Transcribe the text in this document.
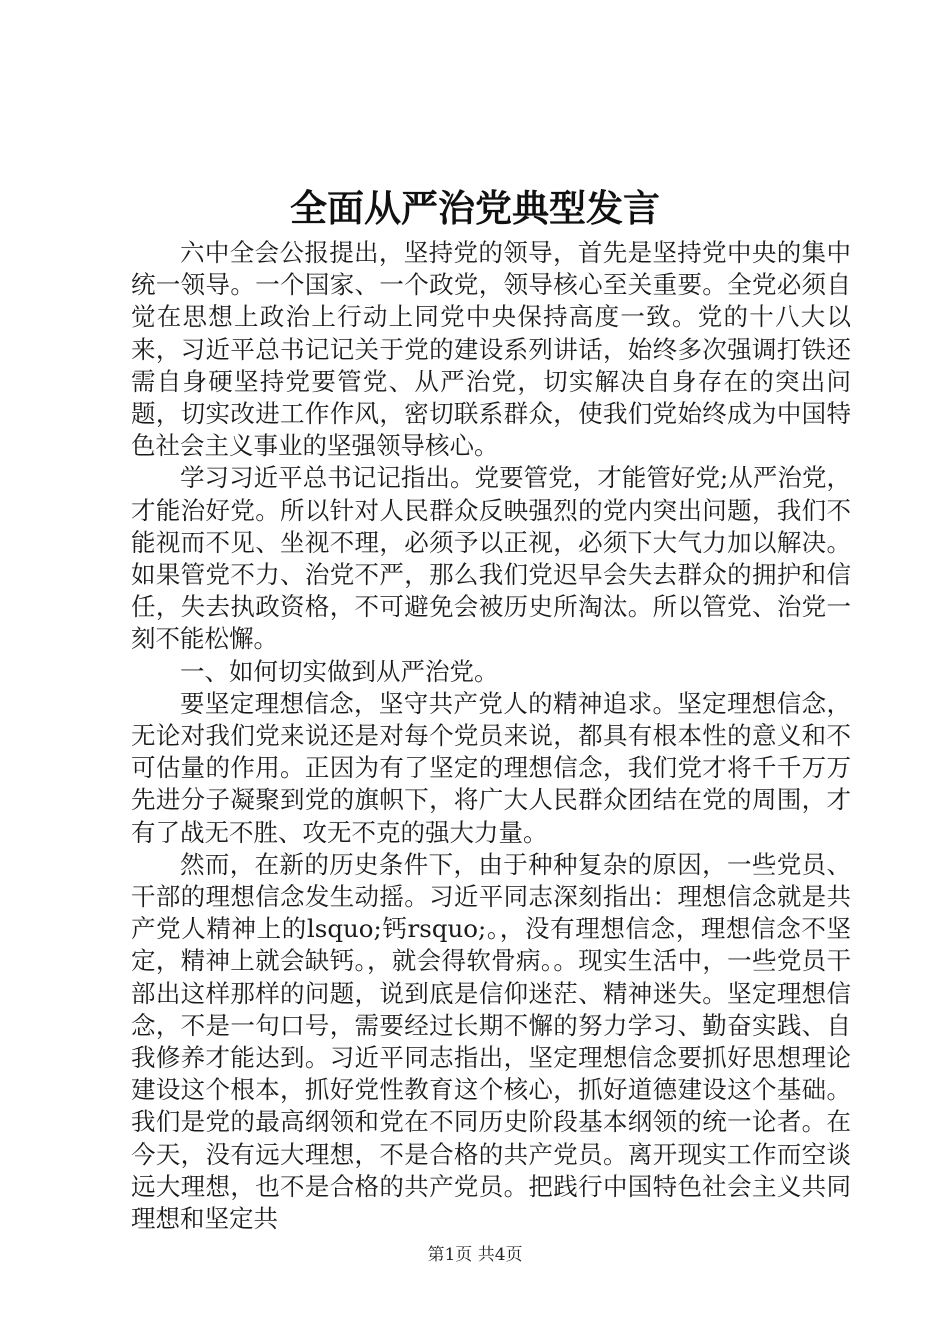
全面从严治党典型发言

六中全会公报提出，坚持党的领导，首先是坚持党中央的集中统一领导。一个国家、一个政党，领导核心至关重要。全党必须自觉在思想上政治上行动上同党中央保持高度一致。党的十八大以来，习近平总书记记关于党的建设系列讲话，始终多次强调打铁还需自身硬坚持党要管党、从严治党，切实解决自身存在的突出问题，切实改进工作作风，密切联系群众，使我们党始终成为中国特色社会主义事业的坚强领导核心。

学习习近平总书记记指出。党要管党，才能管好党;从严治党，才能治好党。所以针对人民群众反映强烈的党内突出问题，我们不能视而不见、坐视不理，必须予以正视，必须下大气力加以解决。如果管党不力、治党不严，那么我们党迟早会失去群众的拥护和信任，失去执政资格，不可避免会被历史所淘汰。所以管党、治党一刻不能松懈。

一、如何切实做到从严治党。

要坚定理想信念，坚守共产党人的精神追求。坚定理想信念，无论对我们党来说还是对每个党员来说，都具有根本性的意义和不可估量的作用。正因为有了坚定的理想信念，我们党才将千千万万先进分子凝聚到党的旗帜下，将广大人民群众团结在党的周围，才有了战无不胜、攻无不克的强大力量。

然而，在新的历史条件下，由于种种复杂的原因，一些党员、干部的理想信念发生动摇。习近平同志深刻指出：理想信念就是共产党人精神上的lsquo;钙rsquo;。，没有理想信念，理想信念不坚定，精神上就会缺钙。，就会得软骨病。。现实生活中，一些党员干部出这样那样的问题，说到底是信仰迷茫、精神迷失。坚定理想信念，不是一句口号，需要经过长期不懈的努力学习、勤奋实践、自我修养才能达到。习近平同志指出，坚定理想信念要抓好思想理论建设这个根本，抓好党性教育这个核心，抓好道德建设这个基础。我们是党的最高纲领和党在不同历史阶段基本纲领的统一论者。在今天，没有远大理想，不是合格的共产党员。离开现实工作而空谈远大理想，也不是合格的共产党员。把践行中国特色社会主义共同理想和坚定共

第1页 共4页
